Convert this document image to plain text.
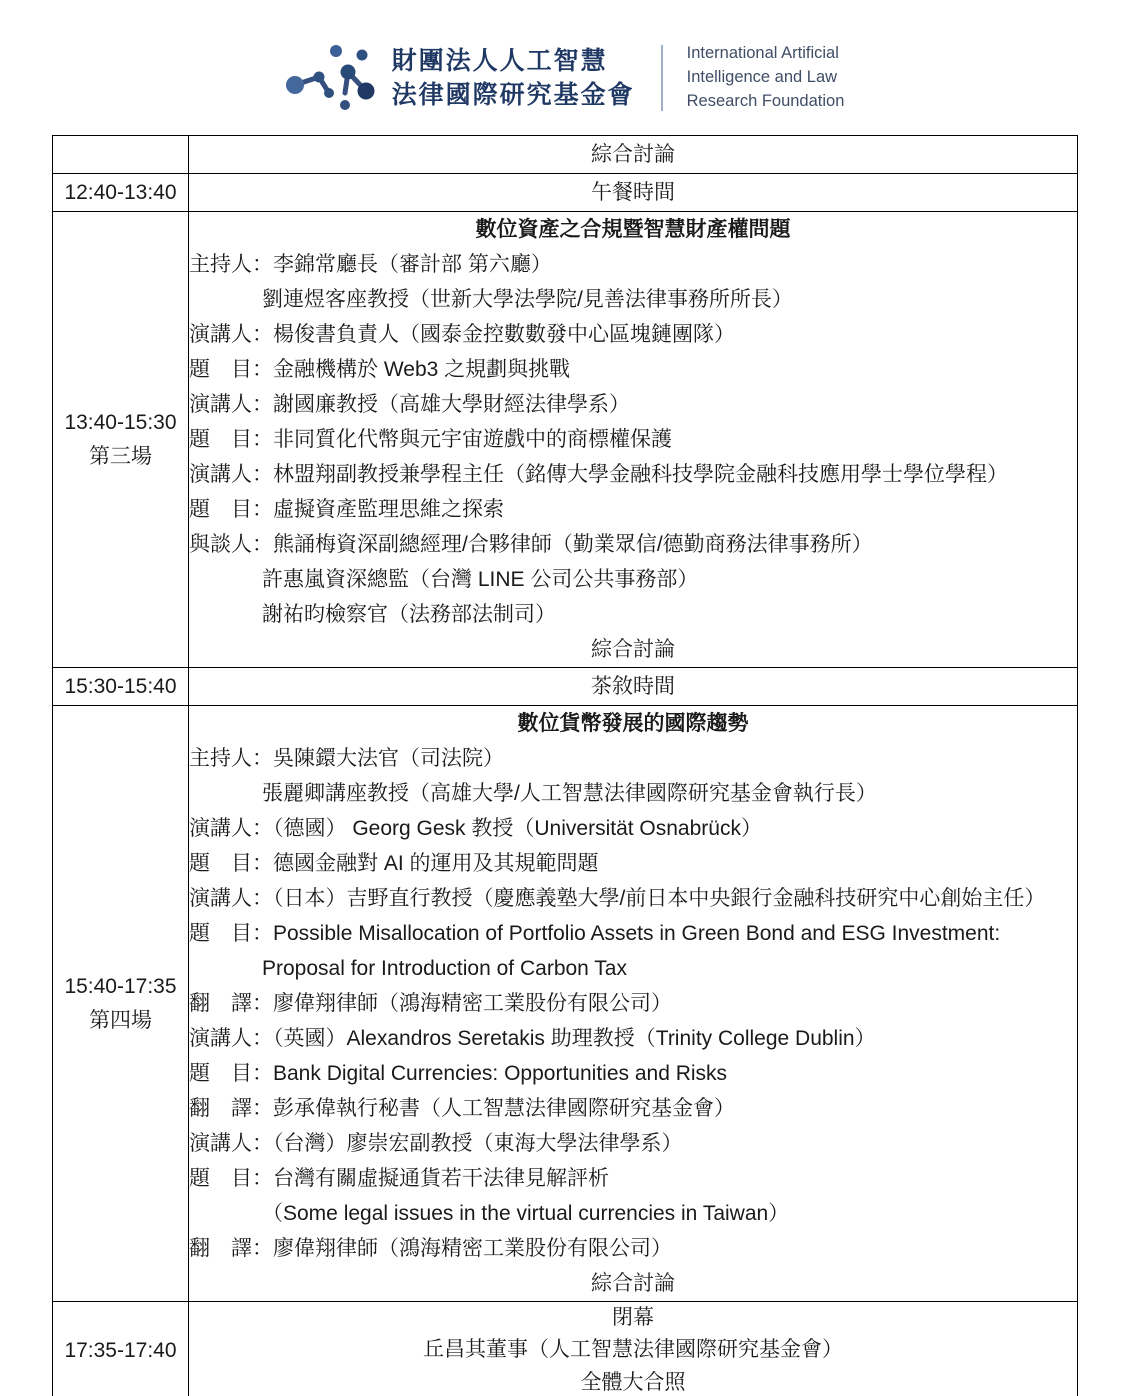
財團法人人工智慧
法律國際研究基金會
International Artificial
Intelligence and Law
Research Foundation

	綜合討論

12:40-13:40	午餐時間

13:40-15:30
第三場

數位資產之合規暨智慧財產權問題
主持人：李錦常廳長（審計部 第六廳）
劉連煜客座教授（世新大學法學院/見善法律事務所所長）
演講人：楊俊書負責人（國泰金控數數發中心區塊鏈團隊）
題　目：金融機構於 Web3 之規劃與挑戰
演講人：謝國廉教授（高雄大學財經法律學系）
題　目：非同質化代幣與元宇宙遊戲中的商標權保護
演講人：林盟翔副教授兼學程主任（銘傳大學金融科技學院金融科技應用學士學位學程）
題　目：虛擬資產監理思維之探索
與談人：熊誦梅資深副總經理/合夥律師（勤業眾信/德勤商務法律事務所）
許惠嵐資深總監（台灣 LINE 公司公共事務部）
謝祐昀檢察官（法務部法制司）
綜合討論

15:30-15:40	茶敘時間

15:40-17:35
第四場

數位貨幣發展的國際趨勢
主持人：吳陳鐶大法官（司法院）
張麗卿講座教授（高雄大學/人工智慧法律國際研究基金會執行長）
演講人：（德國） Georg Gesk 教授（Universität Osnabrück）
題　目：德國金融對 AI 的運用及其規範問題
演講人：（日本）吉野直行教授（慶應義塾大學/前日本中央銀行金融科技研究中心創始主任）
題　目：Possible Misallocation of Portfolio Assets in Green Bond and ESG Investment:
Proposal for Introduction of Carbon Tax
翻　譯：廖偉翔律師（鴻海精密工業股份有限公司）
演講人：（英國）Alexandros Seretakis 助理教授（Trinity College Dublin）
題　目：Bank Digital Currencies: Opportunities and Risks
翻　譯：彭承偉執行秘書（人工智慧法律國際研究基金會）
演講人：（台灣）廖崇宏副教授（東海大學法律學系）
題　目：台灣有關虛擬通貨若干法律見解評析
（Some legal issues in the virtual currencies in Taiwan）
翻　譯：廖偉翔律師（鴻海精密工業股份有限公司）
綜合討論

17:35-17:40	閉幕
丘昌其董事（人工智慧法律國際研究基金會）
全體大合照
